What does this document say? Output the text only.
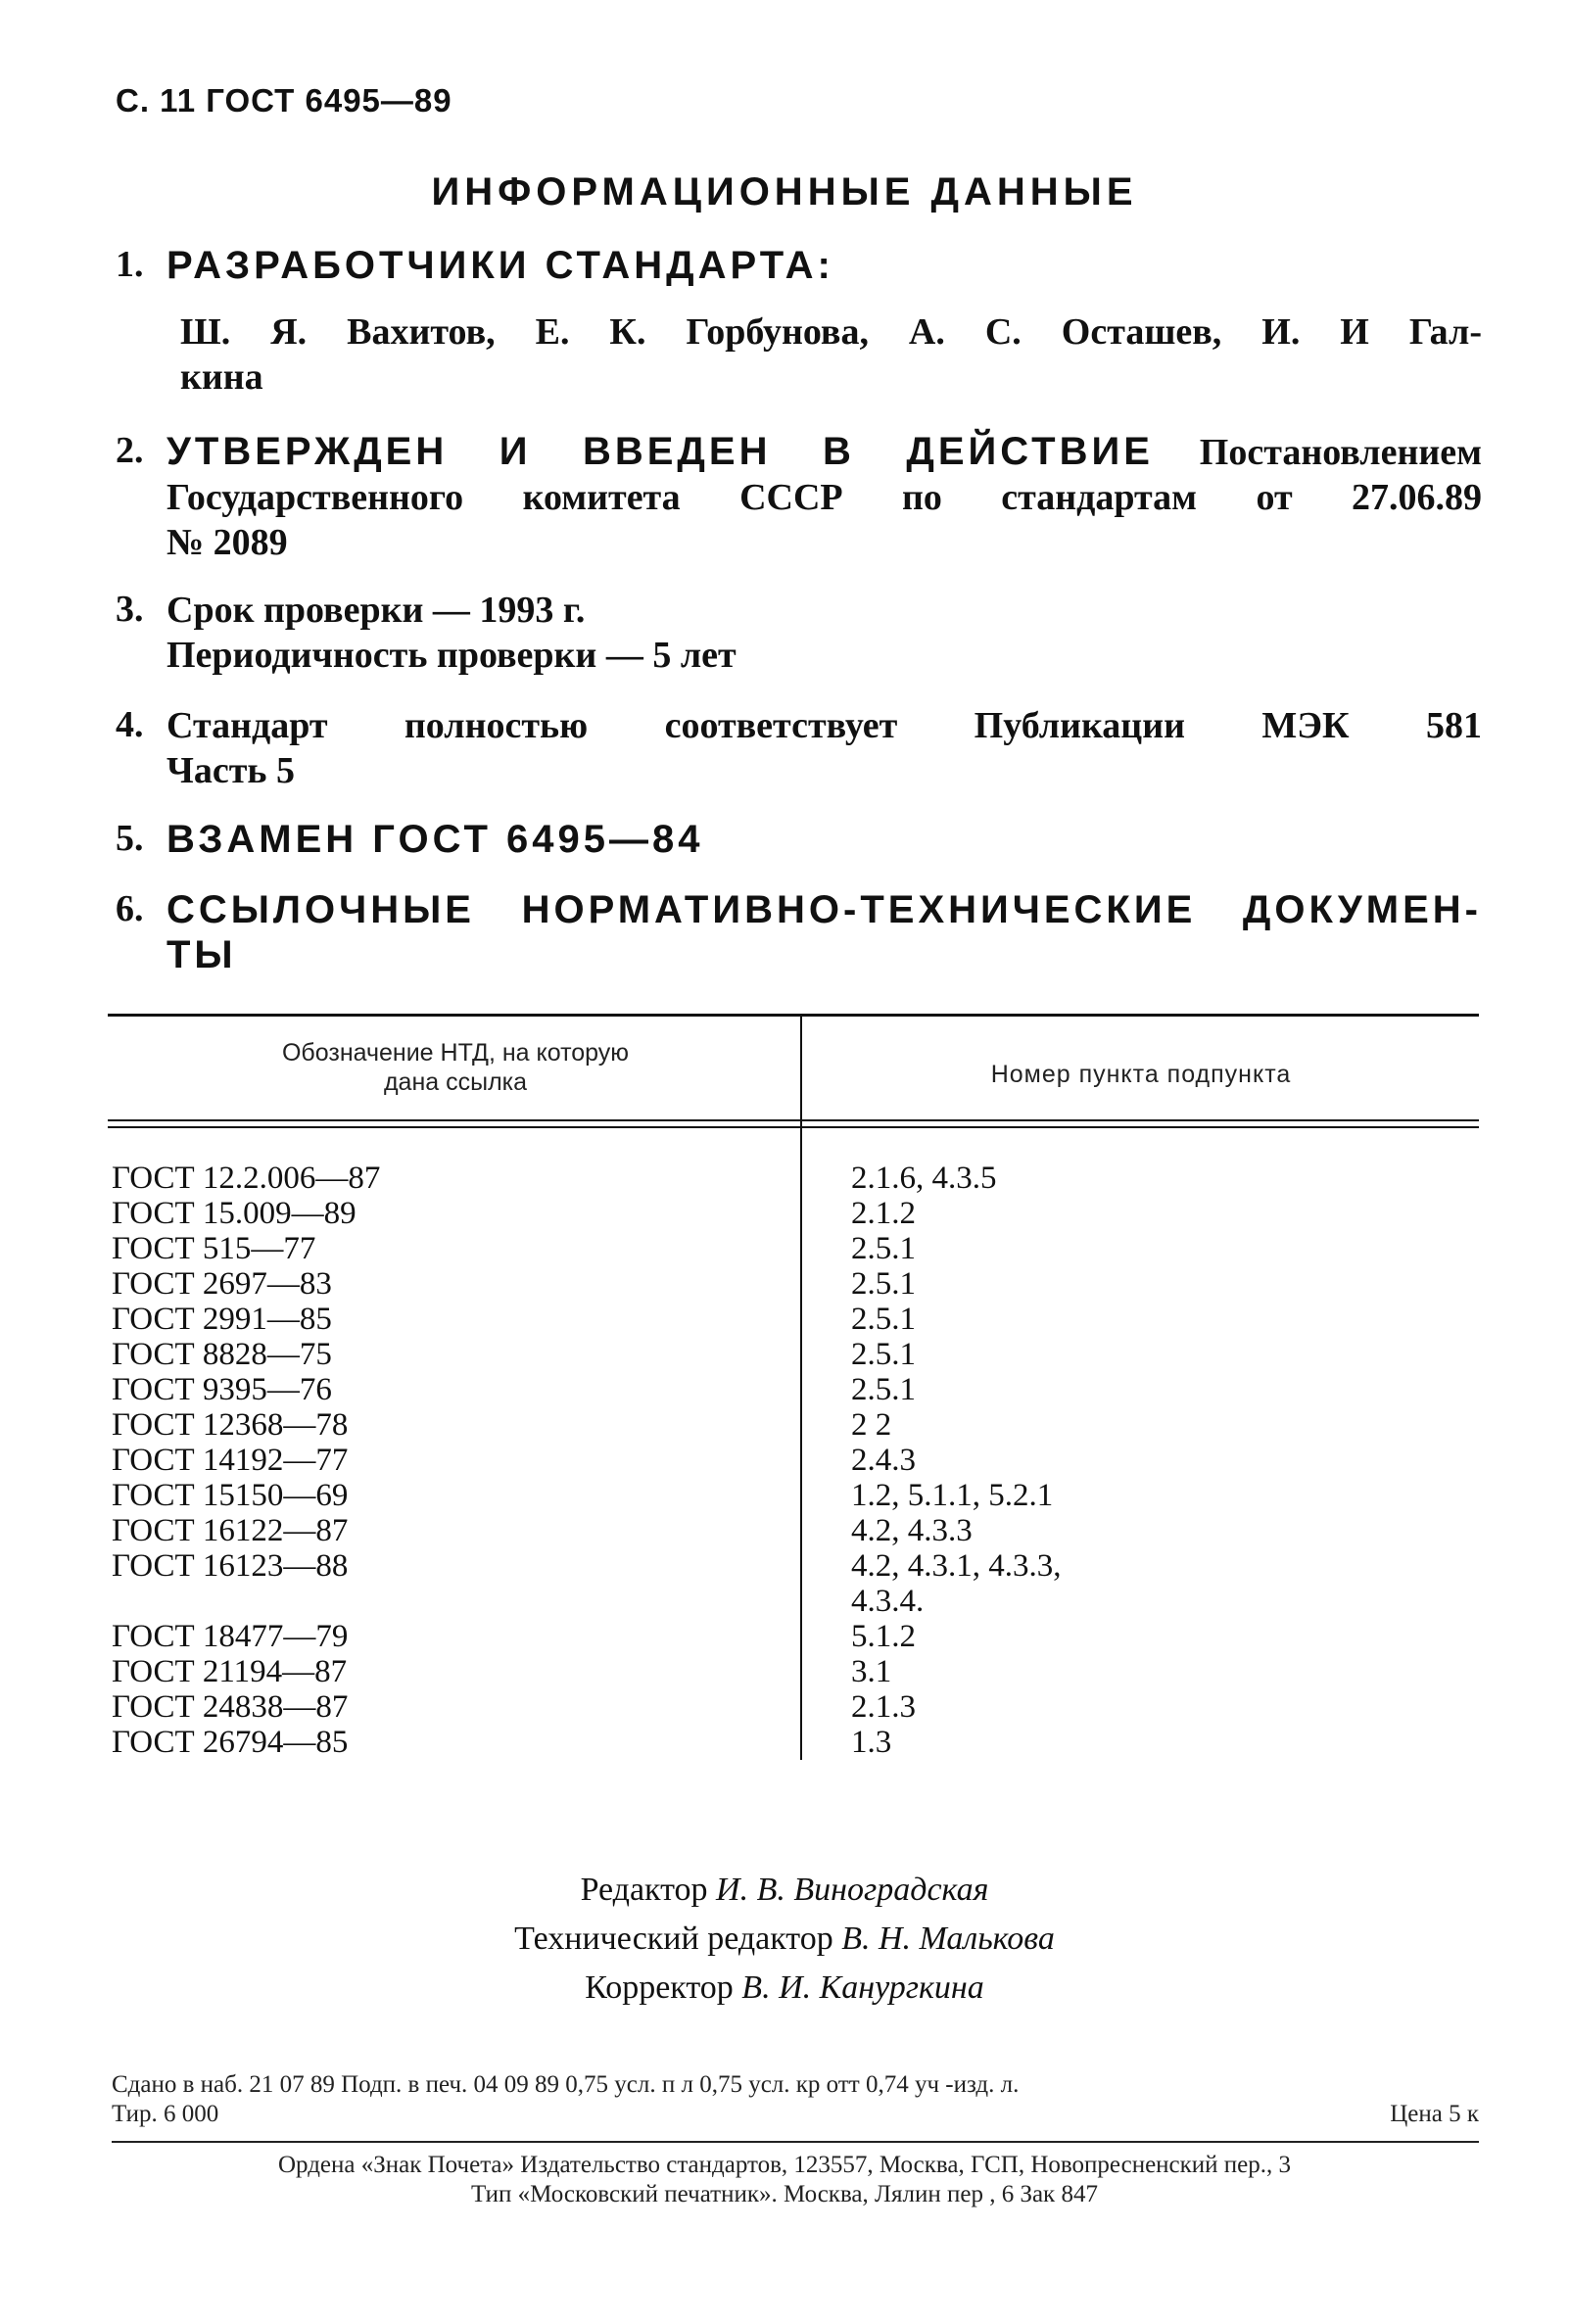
С. 11 ГОСТ 6495—89
ИНФОРМАЦИОННЫЕ ДАННЫЕ
1. РАЗРАБОТЧИКИ СТАНДАРТА:
Ш. Я. Вахитов, Е. К. Горбунова, А. С. Осташев, И. И Гал-
кина
2. УТВЕРЖДЕН И ВВЕДЕН В ДЕЙСТВИЕ Постановлением
Государственного комитета СССР по стандартам от 27.06.89
№ 2089
3. Срок проверки — 1993 г.
Периодичность проверки — 5 лет
4. Стандарт полностью соответствует Публикации МЭК 581
Часть 5
5. ВЗАМЕН ГОСТ 6495—84
6. ССЫЛОЧНЫЕ НОРМАТИВНО-ТЕХНИЧЕСКИЕ ДОКУМЕН-
ТЫ
Обозначение НТД, на которую
дана ссылка	Номер пункта подпункта
ГОСТ 12.2.006—87	2.1.6, 4.3.5
ГОСТ 15.009—89	2.1.2
ГОСТ 515—77	2.5.1
ГОСТ 2697—83	2.5.1
ГОСТ 2991—85	2.5.1
ГОСТ 8828—75	2.5.1
ГОСТ 9395—76	2.5.1
ГОСТ 12368—78	2 2
ГОСТ 14192—77	2.4.3
ГОСТ 15150—69	1.2, 5.1.1, 5.2.1
ГОСТ 16122—87	4.2, 4.3.3
ГОСТ 16123—88	4.2, 4.3.1, 4.3.3,
4.3.4.
ГОСТ 18477—79	5.1.2
ГОСТ 21194—87	3.1
ГОСТ 24838—87	2.1.3
ГОСТ 26794—85	1.3
Редактор И. В. Виноградская
Технический редактор В. Н. Малькова
Корректор В. И. Канургкина
Сдано в наб. 21 07 89 Подп. в печ. 04 09 89 0,75 усл. п л 0,75 усл. кр отт 0,74 уч -изд. л.
Тир. 6 000	Цена 5 к
Ордена «Знак Почета» Издательство стандартов, 123557, Москва, ГСП, Новопресненский пер., 3
Тип «Московский печатник». Москва, Лялин пер , 6 Зак 847
